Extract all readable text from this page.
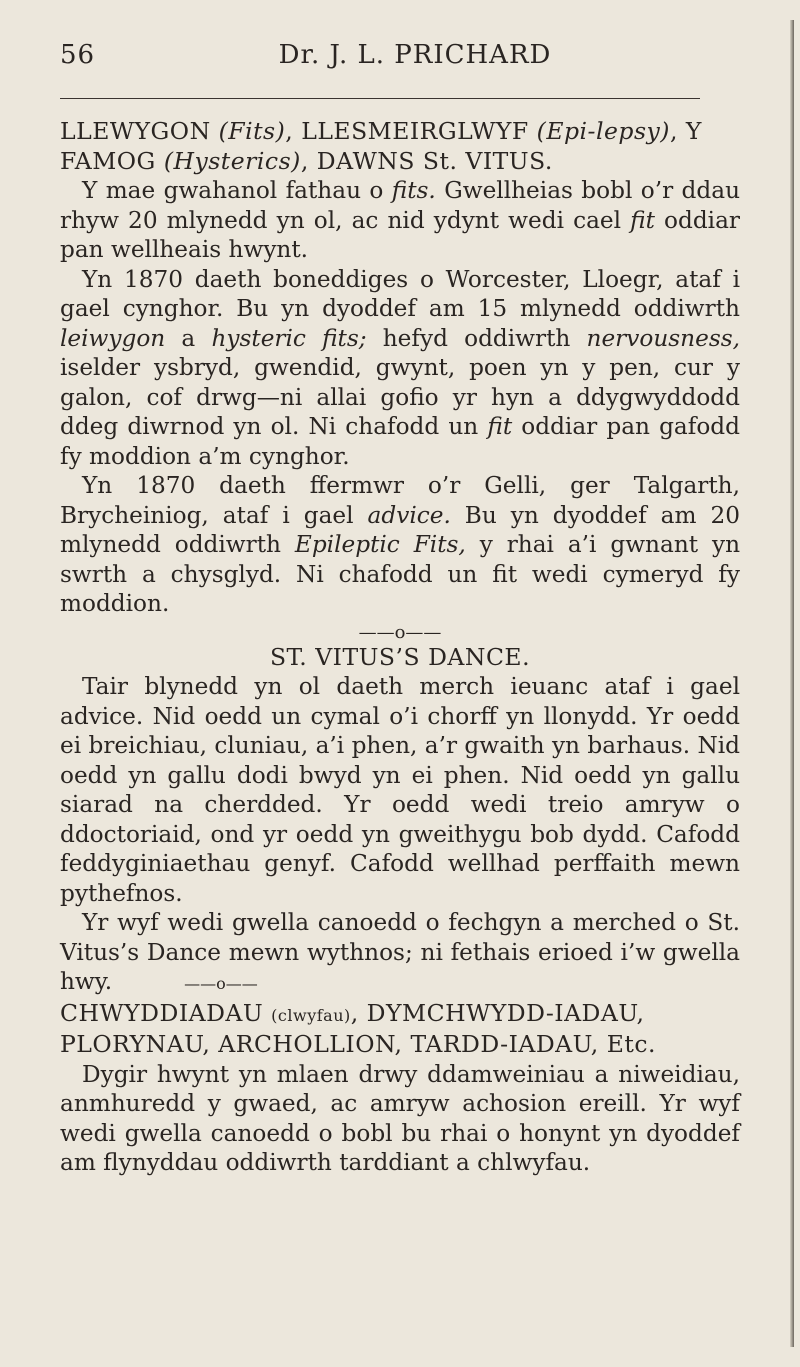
56	Dr. J. L. PRICHARD

LLEWYGON (Fits), LLESMEIRGLWYF (Epi-lepsy), Y FAMOG (Hysterics), DAWNS St. VITUS.

Y mae gwahanol fathau o fits. Gwellheias bobl o’r ddau rhyw 20 mlynedd yn ol, ac nid ydynt wedi cael fit oddiar pan wellheais hwynt.

Yn 1870 daeth boneddiges o Worcester, Lloegr, ataf i gael cynghor. Bu yn dyoddef am 15 mlynedd oddiwrth leiwygon a hysteric fits; hefyd oddiwrth nervousness, iselder ysbryd, gwendid, gwynt, poen yn y pen, cur y galon, cof drwg—ni allai gofio yr hyn a ddygwyddodd ddeg diwrnod yn ol. Ni chafodd un fit oddiar pan gafodd fy moddion a’m cynghor.

Yn 1870 daeth ffermwr o’r Gelli, ger Talgarth, Brycheiniog, ataf i gael advice. Bu yn dyoddef am 20 mlynedd oddiwrth Epileptic Fits, y rhai a’i gwnant yn swrth a chysglyd. Ni chafodd un fit wedi cymeryd fy moddion.

——o——

ST. VITUS’S DANCE.

Tair blynedd yn ol daeth merch ieuanc ataf i gael advice. Nid oedd un cymal o’i chorff yn llonydd. Yr oedd ei breichiau, cluniau, a’i phen, a’r gwaith yn barhaus. Nid oedd yn gallu dodi bwyd yn ei phen. Nid oedd yn gallu siarad na cherdded. Yr oedd wedi treio amryw o ddoctoriaid, ond yr oedd yn gweithygu bob dydd. Cafodd feddyginiaethau genyf. Cafodd wellhad perffaith mewn pythefnos.

Yr wyf wedi gwella canoedd o fechgyn a merched o St. Vitus’s Dance mewn wythnos; ni fethais erioed i’w gwella hwy.	——o——

CHWYDDIADAU (clwyfau), DYMCHWYDD-IADAU, PLORYNAU, ARCHOLLION, TARDD-IADAU, Etc.

Dygir hwynt yn mlaen drwy ddamweiniau a niweidiau, anmhuredd y gwaed, ac amryw achosion ereill. Yr wyf wedi gwella canoedd o bobl bu rhai o honynt yn dyoddef am flynyddau oddiwrth tarddiant a chlwyfau.
